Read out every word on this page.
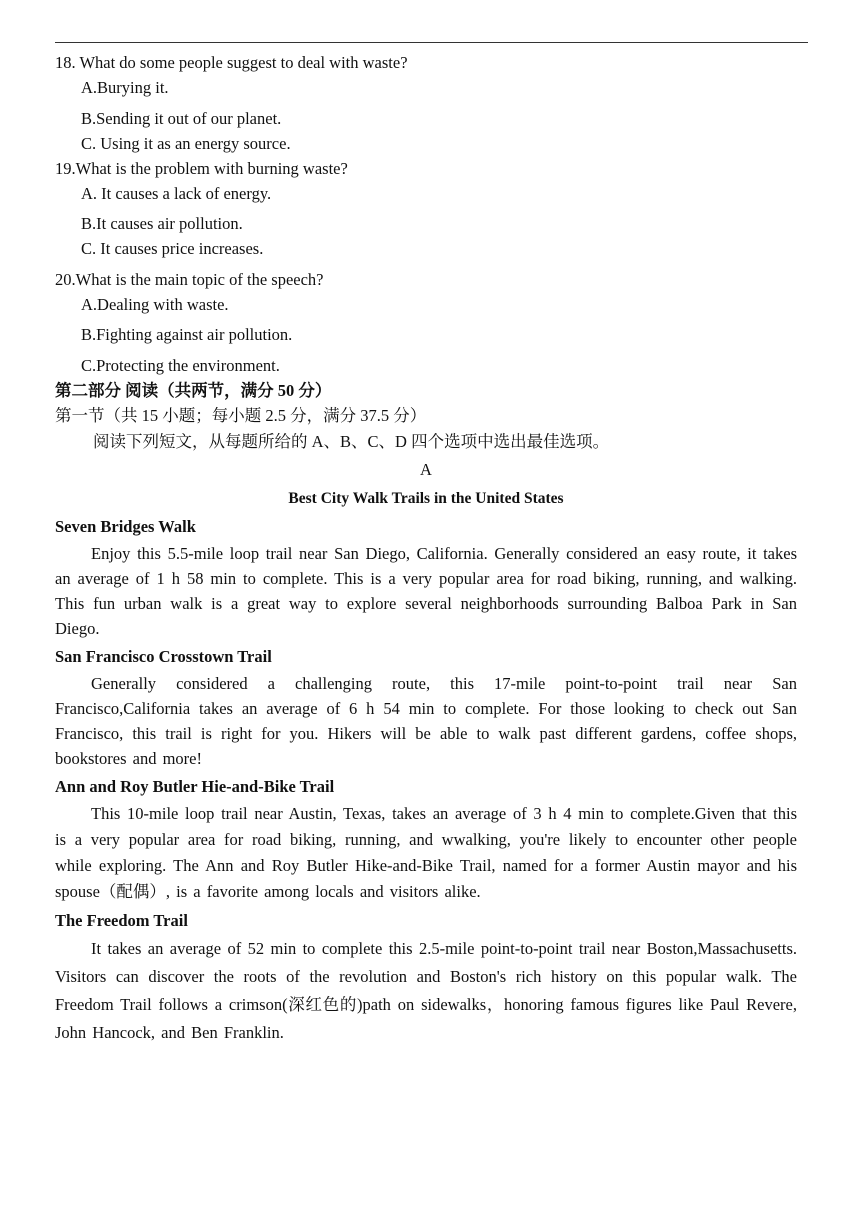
18. What do some people suggest to deal with waste?

A.Burying it.

B.Sending it out of our planet.

C. Using it as an energy source.

19.What is the problem with burning waste?

A. It causes a lack of energy.

B.It causes air pollution.

C. It causes price increases.

20.What is the main topic of the speech?

A.Dealing with waste.

B.Fighting against air pollution.

C.Protecting the environment.

第二部分 阅读（共两节，满分 50 分）

第一节（共 15 小题；每小题 2.5 分，满分 37.5 分）

阅读下列短文，从每题所给的 A、B、C、D 四个选项中选出最佳选项。

A

Best City Walk Trails in the United States

Seven Bridges Walk

Enjoy this 5.5-mile loop trail near San Diego, California. Generally considered an easy route, it takes an average of 1 h 58 min to complete. This is a very popular area for road biking, running, and walking. This fun urban walk is a great way to explore several neighborhoods surrounding Balboa Park in San Diego.

San Francisco Crosstown Trail

Generally considered a challenging route, this 17-mile point-to-point trail near San Francisco,California takes an average of 6 h 54 min to complete. For those looking to check out San Francisco, this trail is right for you. Hikers will be able to walk past different gardens, coffee shops, bookstores and more!

Ann and Roy Butler Hie-and-Bike Trail

This 10-mile loop trail near Austin, Texas, takes an average of 3 h 4 min to complete.Given that this is a very popular area for road biking, running, and wwalking, you're likely to encounter other people while exploring. The Ann and Roy Butler Hike-and-Bike Trail, named for a former Austin mayor and his spouse（配偶）, is a favorite among locals and visitors alike.

The Freedom Trail

It takes an average of 52 min to complete this 2.5-mile point-to-point trail near Boston,Massachusetts. Visitors can discover the roots of the revolution and Boston's rich history on this popular walk. The Freedom Trail follows a crimson(深红色的)path on sidewalks，honoring famous figures like Paul Revere, John Hancock, and Ben Franklin.
